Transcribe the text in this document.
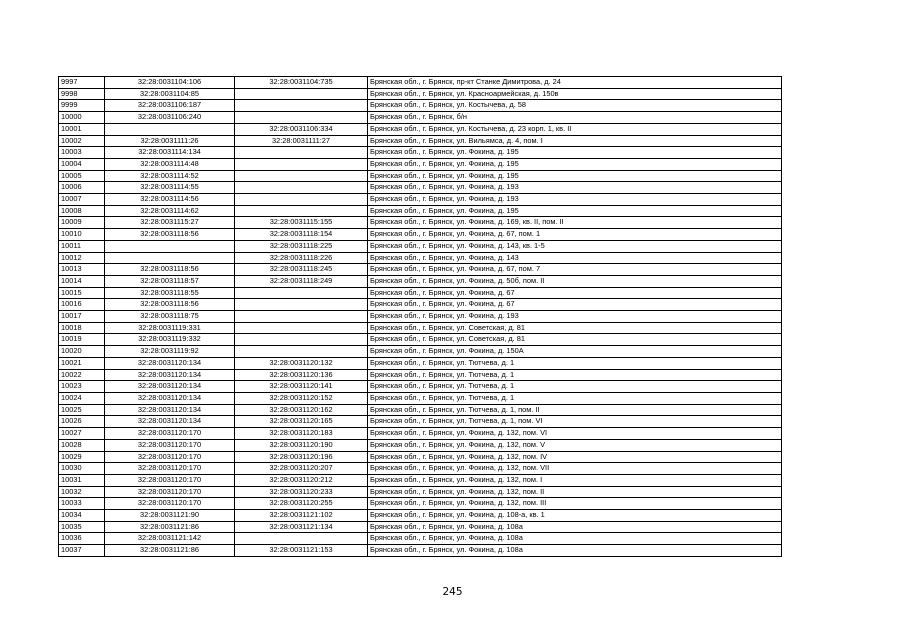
9997	32:28:0031104:106	32:28:0031104:735	Брянская обл., г. Брянск, пр-кт Станке Димитрова, д. 24
9998	32:28:0031104:85		Брянская обл., г. Брянск, ул. Красноармейская, д. 150в
9999	32:28:0031106:187		Брянская обл., г. Брянск, ул. Костычева, д. 58
10000	32:28:0031106:240		Брянская обл., г. Брянск, б/н
10001		32:28:0031106:334	Брянская обл., г. Брянск, ул. Костычева, д. 23 корп. 1, кв. II
10002	32:28:0031111:26	32:28:0031111:27	Брянская обл., г. Брянск, ул. Вильямса, д. 4, пом. I
10003	32:28:0031114:134		Брянская обл., г. Брянск, ул. Фокина, д. 195
10004	32:28:0031114:48		Брянская обл., г. Брянск, ул. Фокина, д. 195
10005	32:28:0031114:52		Брянская обл., г. Брянск, ул. Фокина, д. 195
10006	32:28:0031114:55		Брянская обл., г. Брянск, ул. Фокина, д. 193
10007	32:28:0031114:56		Брянская обл., г. Брянск, ул. Фокина, д. 193
10008	32:28:0031114:62		Брянская обл., г. Брянск, ул. Фокина, д. 195
10009	32:28:0031115:27	32:28:0031115:155	Брянская обл., г. Брянск, ул. Фокина, д. 169, кв. II, пом. II
10010	32:28:0031118:56	32:28:0031118:154	Брянская обл., г. Брянск, ул. Фокина, д. 67, пом. 1
10011		32:28:0031118:225	Брянская обл., г. Брянск, ул. Фокина, д. 143, кв. 1-5
10012		32:28:0031118:226	Брянская обл., г. Брянск, ул. Фокина, д. 143
10013	32:28:0031118:56	32:28:0031118:245	Брянская обл., г. Брянск, ул. Фокина, д. 67, пом. 7
10014	32:28:0031118:57	32:28:0031118:249	Брянская обл., г. Брянск, ул. Фокина, д. 50б, пом. II
10015	32:28:0031118:55		Брянская обл., г. Брянск, ул. Фокина, д. 67
10016	32:28:0031118:56		Брянская обл., г. Брянск, ул. Фокина, д. 67
10017	32:28:0031118:75		Брянская обл., г. Брянск, ул. Фокина, д. 193
10018	32:28:0031119:331		Брянская обл., г. Брянск, ул. Советская, д. 81
10019	32:28:0031119:332		Брянская обл., г. Брянск, ул. Советская, д. 81
10020	32:28:0031119:92		Брянская обл., г. Брянск, ул. Фокина, д. 150А
10021	32:28:0031120:134	32:28:0031120:132	Брянская обл., г. Брянск, ул. Тютчева, д. 1
10022	32:28:0031120:134	32:28:0031120:136	Брянская обл., г. Брянск, ул. Тютчева, д. 1
10023	32:28:0031120:134	32:28:0031120:141	Брянская обл., г. Брянск, ул. Тютчева, д. 1
10024	32:28:0031120:134	32:28:0031120:152	Брянская обл., г. Брянск, ул. Тютчева, д. 1
10025	32:28:0031120:134	32:28:0031120:162	Брянская обл., г. Брянск, ул. Тютчева, д. 1, пом. II
10026	32:28:0031120:134	32:28:0031120:165	Брянская обл., г. Брянск, ул. Тютчева, д. 1, пом. VI
10027	32:28:0031120:170	32:28:0031120:183	Брянская обл., г. Брянск, ул. Фокина, д. 132, пом. VI
10028	32:28:0031120:170	32:28:0031120:190	Брянская обл., г. Брянск, ул. Фокина, д. 132, пом. V
10029	32:28:0031120:170	32:28:0031120:196	Брянская обл., г. Брянск, ул. Фокина, д. 132, пом. IV
10030	32:28:0031120:170	32:28:0031120:207	Брянская обл., г. Брянск, ул. Фокина, д. 132, пом. VII
10031	32:28:0031120:170	32:28:0031120:212	Брянская обл., г. Брянск, ул. Фокина, д. 132, пом. I
10032	32:28:0031120:170	32:28:0031120:233	Брянская обл., г. Брянск, ул. Фокина, д. 132, пом. II
10033	32:28:0031120:170	32:28:0031120:255	Брянская обл., г. Брянск, ул. Фокина, д. 132, пом. III
10034	32:28:0031121:90	32:28:0031121:102	Брянская обл., г. Брянск, ул. Фокина, д. 108-а, кв. 1
10035	32:28:0031121:86	32:28:0031121:134	Брянская обл., г. Брянск, ул. Фокина, д. 108а
10036	32:28:0031121:142		Брянская обл., г. Брянск, ул. Фокина, д. 108а
10037	32:28:0031121:86	32:28:0031121:153	Брянская обл., г. Брянск, ул. Фокина, д. 108а
245
